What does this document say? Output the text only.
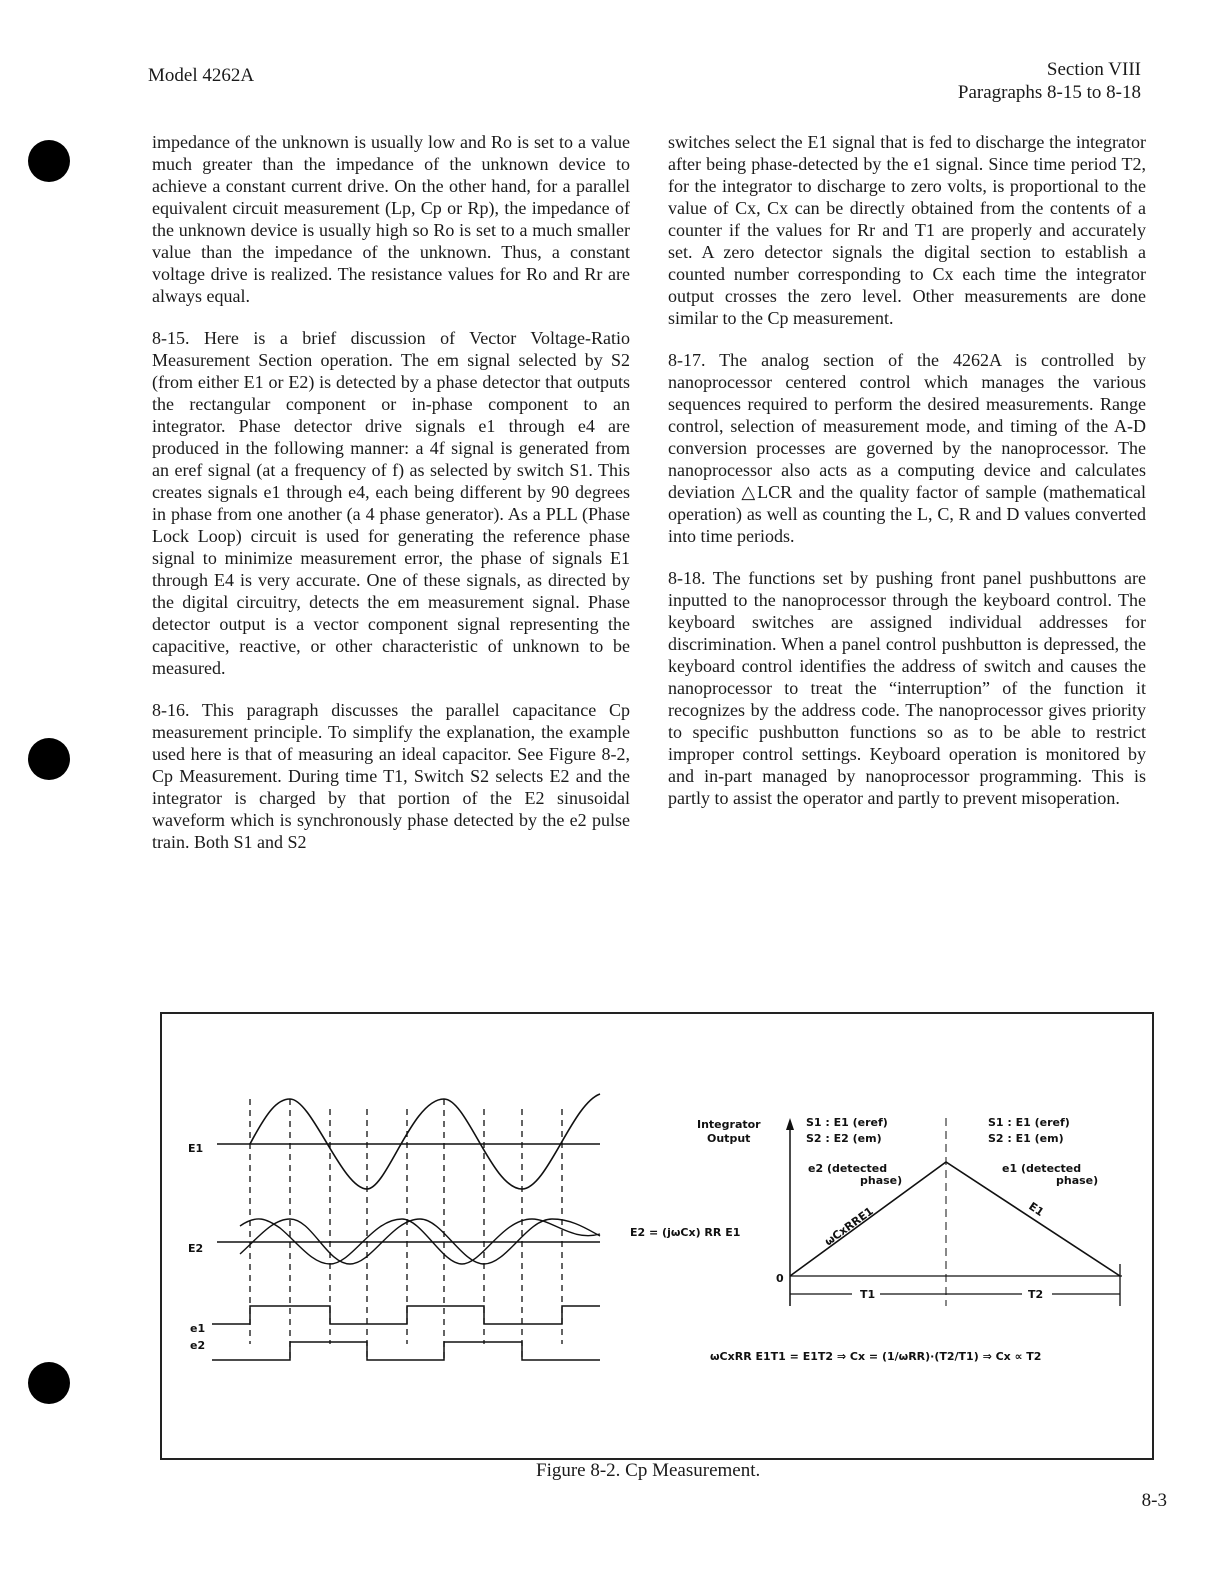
Model 4262A	Section VIII
Paragraphs 8-15 to 8-18

impedance of the unknown is usually low and Ro is set to a value much greater than the impedance of the unknown device to achieve a constant current drive. On the other hand, for a parallel equivalent circuit measurement (Lp, Cp or Rp), the impedance of the unknown device is usually high so Ro is set to a much smaller value than the impedance of the unknown. Thus, a constant voltage drive is realized. The resistance values for Ro and Rr are always equal.

8-15. Here is a brief discussion of Vector Voltage-Ratio Measurement Section operation. The em signal selected by S2 (from either E1 or E2) is detected by a phase detector that outputs the rectangular component or in-phase component to an integrator. Phase detector drive signals e1 through e4 are produced in the following manner: a 4f signal is generated from an eref signal (at a frequency of f) as selected by switch S1. This creates signals e1 through e4, each being different by 90 degrees in phase from one another (a 4 phase generator). As a PLL (Phase Lock Loop) circuit is used for generating the reference phase signal to minimize measurement error, the phase of signals E1 through E4 is very accurate. One of these signals, as directed by the digital circuitry, detects the em measurement signal. Phase detector output is a vector component signal representing the capacitive, reactive, or other characteristic of unknown to be measured.

8-16. This paragraph discusses the parallel capacitance Cp measurement principle. To simplify the explanation, the example used here is that of measuring an ideal capacitor. See Figure 8-2, Cp Measurement. During time T1, Switch S2 selects E2 and the integrator is charged by that portion of the E2 sinusoidal waveform which is synchronously phase detected by the e2 pulse train. Both S1 and S2

switches select the E1 signal that is fed to discharge the integrator after being phase-detected by the e1 signal. Since time period T2, for the integrator to discharge to zero volts, is proportional to the value of Cx, Cx can be directly obtained from the contents of a counter if the values for Rr and T1 are properly and accurately set. A zero detector signals the digital section to establish a counted number corresponding to Cx each time the integrator output crosses the zero level. Other measurements are done similar to the Cp measurement.

8-17. The analog section of the 4262A is controlled by nanoprocessor centered control which manages the various sequences required to perform the desired measurements. Range control, selection of measurement mode, and timing of the A-D conversion processes are governed by the nanoprocessor. The nanoprocessor also acts as a computing device and calculates deviation △LCR and the quality factor of sample (mathematical operation) as well as counting the L, C, R and D values converted into time periods.

8-18. The functions set by pushing front panel pushbuttons are inputted to the nanoprocessor through the keyboard control. The keyboard switches are assigned individual addresses for discrimination. When a panel control pushbutton is depressed, the keyboard control identifies the address of switch and causes the nanoprocessor to treat the “interruption” of the function it recognizes by the address code. The nanoprocessor gives priority to specific pushbutton functions so as to be able to restrict improper control settings. Keyboard operation is monitored by and in-part managed by nanoprocessor programming. This is partly to assist the operator and partly to prevent misoperation.

E1
E2
e1
e2
E2 = (jωCx) RR E1
Integrator
Output
0
S1 : E1 (eref)
S2 : E2 (em)
e2 (detected
phase)
S1 : E1 (eref)
S2 : E1 (em)
e1 (detected
phase)
ωCxRRE1	E1
T1	T2
ωCxRR E1T1 = E1T2 ⇒ Cx = (1/ωRR)·(T2/T1) ⇒ Cx ∝ T2
Figure 8-2. Cp Measurement.
8-3
